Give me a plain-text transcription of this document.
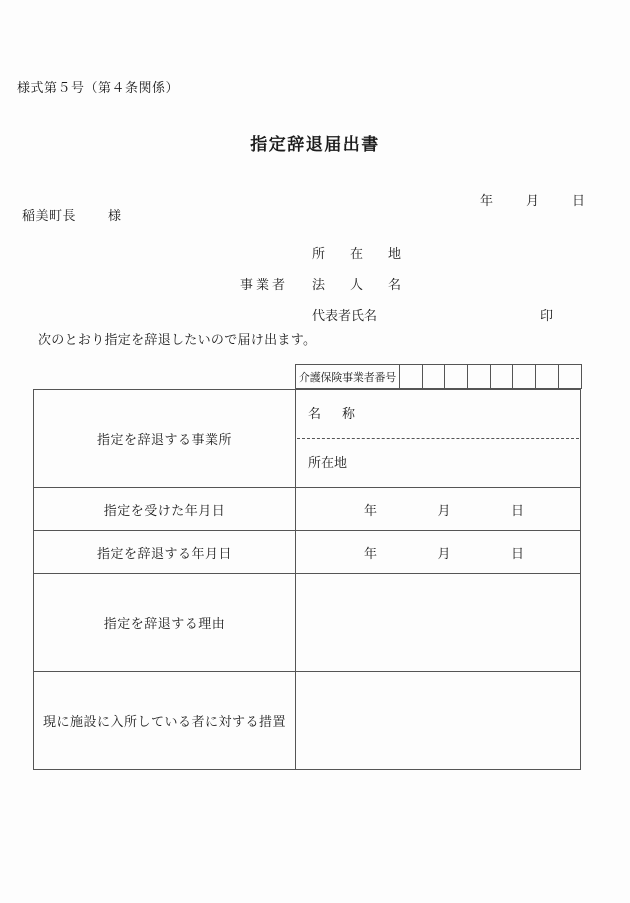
様式第５号（第４条関係）
指定辞退届出書
年	月	日
稲美町長 様
所　在　地
事業者 法　人　名
代表者氏名	印
次のとおり指定を辞退したいので届け出ます。
介護保険事業者番号
指定を辞退する事業所	名　称
所在地

指定を受けた年月日	年 月 日

指定を辞退する年月日	年 月 日

指定を辞退する理由	
現に施設に入所している者に対する措置	
